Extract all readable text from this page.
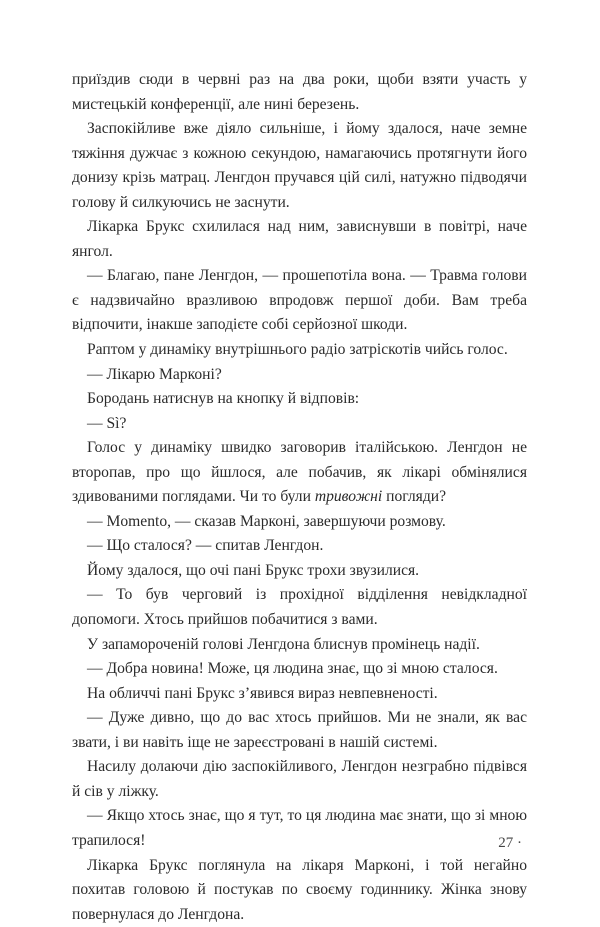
приїздив сюди в червні раз на два роки, щоби взяти участь у мистецькій конференції, але нині березень.

Заспокійливе вже діяло сильніше, і йому здалося, наче земне тяжіння дужчає з кожною секундою, намагаючись протягнути його донизу крізь матрац. Ленгдон пручався цій силі, натужно підводячи голову й силкуючись не заснути.

Лікарка Брукс схилилася над ним, зависнувши в повітрі, наче янгол.

— Благаю, пане Ленгдон, — прошепотіла вона. — Травма голови є надзвичайно вразливою впродовж першої доби. Вам треба відпочити, інакше заподієте собі серйозної шкоди.

Раптом у динаміку внутрішнього радіо затріскотів чийсь голос.

— Лікарю Марконі?

Бородань натиснув на кнопку й відповів:

— Sì?

Голос у динаміку швидко заговорив італійською. Ленгдон не второпав, про що йшлося, але побачив, як лікарі обмінялися здивованими поглядами. Чи то були тривожні погляди?

— Momento, — сказав Марконі, завершуючи розмову.

— Що сталося? — спитав Ленгдон.

Йому здалося, що очі пані Брукс трохи звузилися.

— То був черговий із прохідної відділення невідкладної допомоги. Хтось прийшов побачитися з вами.

У запамороченій голові Ленгдона блиснув промінець надії.

— Добра новина! Може, ця людина знає, що зі мною сталося.

На обличчі пані Брукс з’явився вираз невпевненості.

— Дуже дивно, що до вас хтось прийшов. Ми не знали, як вас звати, і ви навіть іще не зареєстровані в нашій системі.

Насилу долаючи дію заспокійливого, Ленгдон незграбно підвівся й сів у ліжку.

— Якщо хтось знає, що я тут, то ця людина має знати, що зі мною трапилося!

Лікарка Брукс поглянула на лікаря Марконі, і той негайно похитав головою й постукав по своєму годиннику. Жінка знову повернулася до Ленгдона.

27 ·
